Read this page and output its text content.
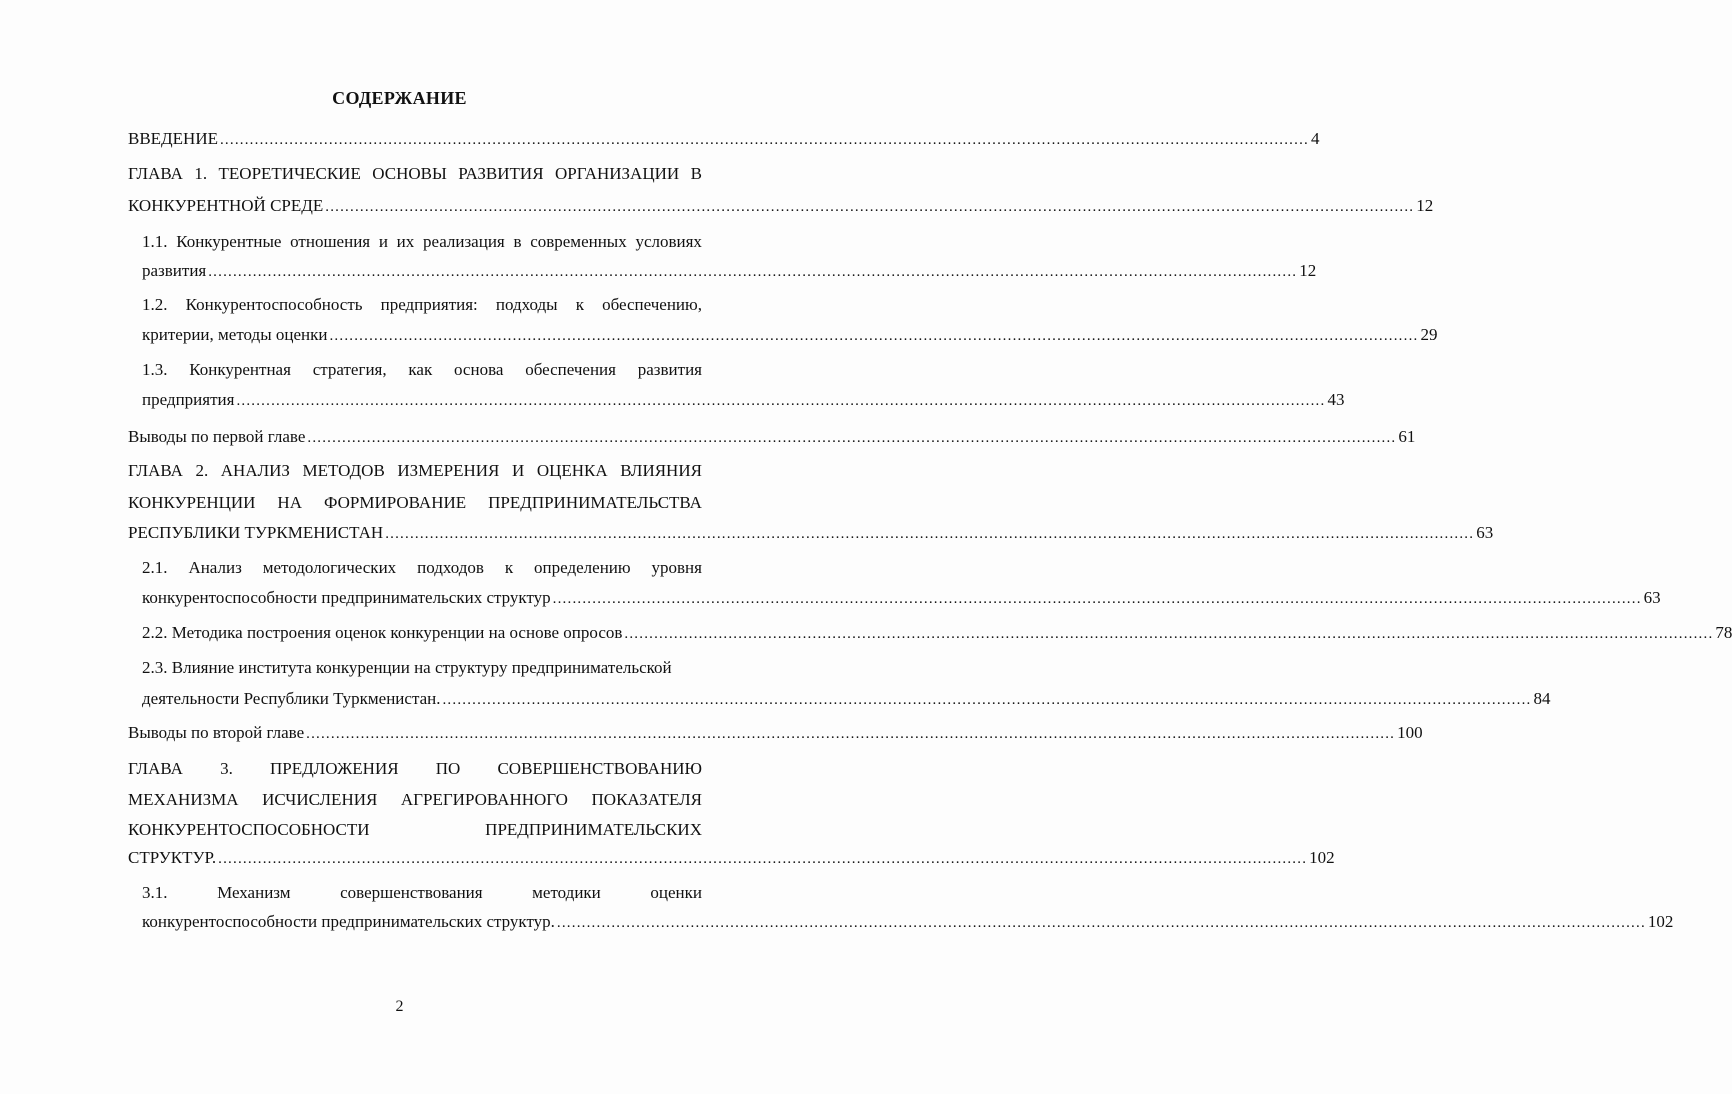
СОДЕРЖАНИЕ
ВВЕДЕНИЕ ............................................................................................................................................................................................................................ 4
ГЛАВА 1. ТЕОРЕТИЧЕСКИЕ ОСНОВЫ РАЗВИТИЯ ОРГАНИЗАЦИИ В
КОНКУРЕНТНОЙ СРЕДЕ ............................................................................................................................................................................................................................ 12
1.1. Конкурентные отношения и их реализация в современных условиях
развития ............................................................................................................................................................................................................................ 12
1.2. Конкурентоспособность предприятия: подходы к обеспечению,
критерии, методы оценки ............................................................................................................................................................................................................................ 29
1.3. Конкурентная стратегия, как основа обеспечения развития
предприятия ............................................................................................................................................................................................................................ 43
Выводы по первой главе ............................................................................................................................................................................................................................ 61
ГЛАВА 2. АНАЛИЗ МЕТОДОВ ИЗМЕРЕНИЯ И ОЦЕНКА ВЛИЯНИЯ
КОНКУРЕНЦИИ НА ФОРМИРОВАНИЕ ПРЕДПРИНИМАТЕЛЬСТВА
РЕСПУБЛИКИ ТУРКМЕНИСТАН ............................................................................................................................................................................................................................ 63
2.1. Анализ методологических подходов к определению уровня
конкурентоспособности предпринимательских структур ............................................................................................................................................................................................................................ 63
2.2. Методика построения оценок конкуренции на основе опросов ............................................................................................................................................................................................................................ 78
2.3. Влияние института конкуренции на структуру предпринимательской
деятельности Республики Туркменистан. ............................................................................................................................................................................................................................ 84
Выводы по второй главе ............................................................................................................................................................................................................................ 100
ГЛАВА 3. ПРЕДЛОЖЕНИЯ ПО СОВЕРШЕНСТВОВАНИЮ
МЕХАНИЗМА ИСЧИСЛЕНИЯ АГРЕГИРОВАННОГО ПОКАЗАТЕЛЯ
КОНКУРЕНТОСПОСОБНОСТИ	ПРЕДПРИНИМАТЕЛЬСКИХ
СТРУКТУР. ............................................................................................................................................................................................................................ 102
3.1.	Механизм	совершенствования	методики	оценки
конкурентоспособности предпринимательских структур. ............................................................................................................................................................................................................................ 102
2
